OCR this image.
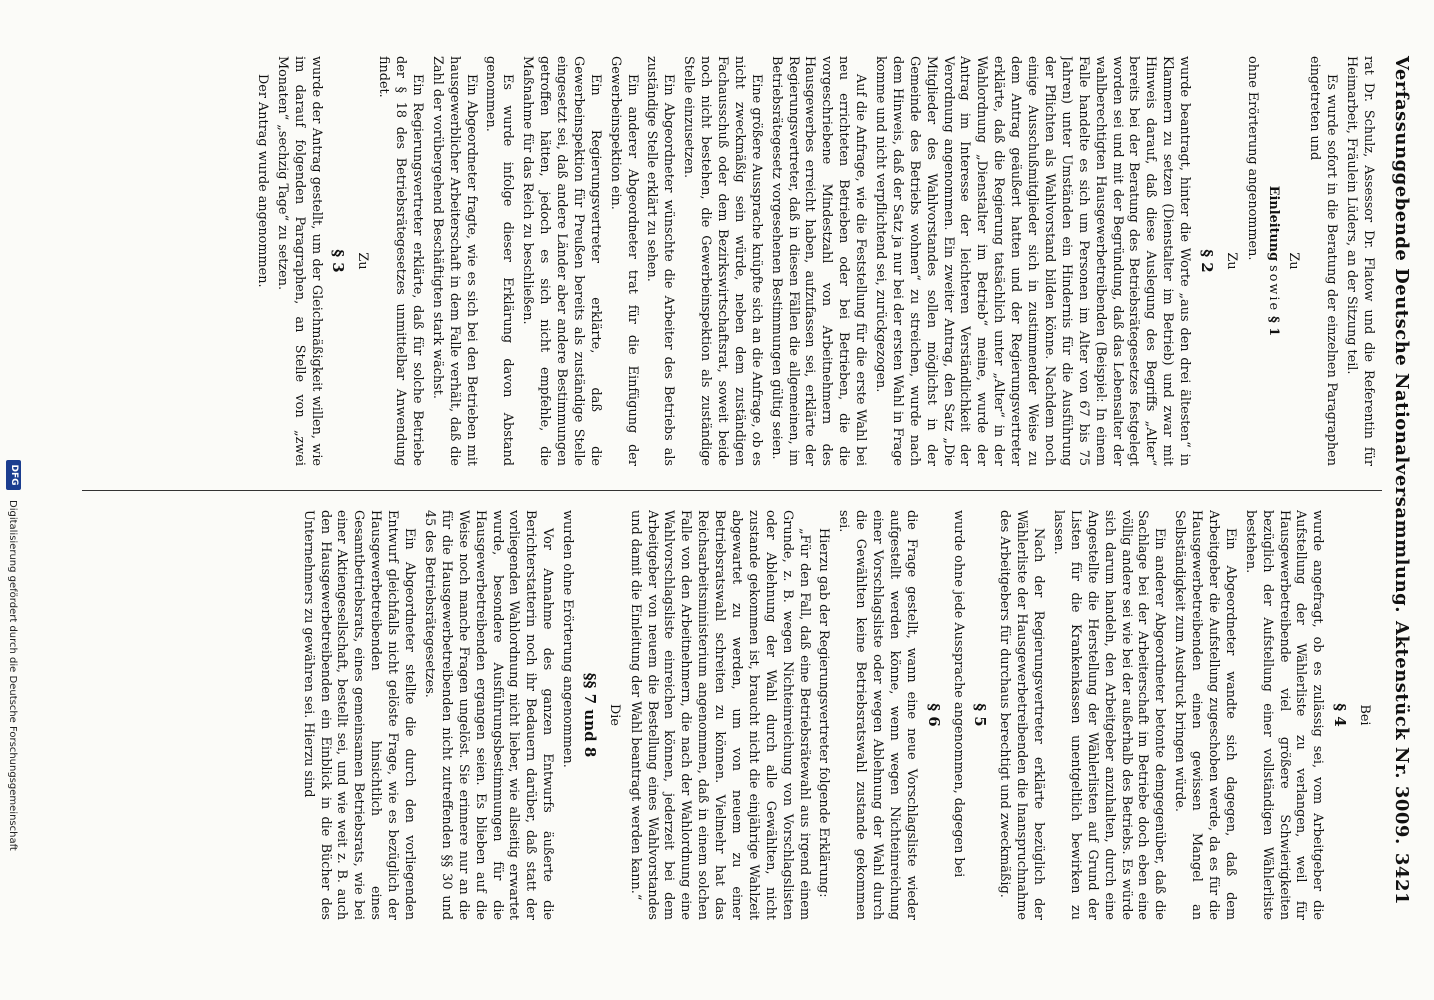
Verfassunggebende Deutsche Nationalversammlung.
Aktenstück Nr. 3009.
3421

rat Dr. Schulz, Assessor Dr. Flatow und die Referentin für Heimarbeit, Fräulein Lüders, an der Sitzung teil.

Es wurde sofort in die Beratung der einzelnen Paragraphen eingetreten und

Zu
Einleitung sowie § 1

ohne Erörterung angenommen.

Zu
§ 2

wurde beantragt, hinter die Worte „aus den drei ältesten“ in Klammern zu setzen (Dienstalter im Betrieb) und zwar mit Hinweis darauf, daß diese Auslegung des Begriffs „Alter“ bereits bei der Beratung des Betriebsrätegesetzes festgelegt worden sei und mit der Begründung, daß das Lebensalter der wahlberechtigten Hausgewerbetreibenden (Beispiel: In einem Falle handelte es sich um Personen im Alter von 67 bis 75 Jahren) unter Umständen ein Hindernis für die Ausführung der Pflichten als Wahlvorstand bilden könne. Nachdem noch einige Ausschußmitglieder sich in zustimmender Weise zu dem Antrag geäußert hatten und der Regierungsvertreter erklärte, daß die Regierung tatsächlich unter „Alter“ in der Wahlordnung „Dienstalter im Betrieb“ meine, wurde der Antrag im Interesse der leichteren Verständlichkeit der Verordnung angenommen. Ein zweiter Antrag, den Satz „Die Mitglieder des Wahlvorstandes sollen möglichst in der Gemeinde des Betriebs wohnen“ zu streichen, wurde nach dem Hinweis, daß der Satz ja nur bei der ersten Wahl in Frage komme und nicht verpflichtend sei, zurückgezogen.

Auf die Anfrage, wie die Feststellung für die erste Wahl bei neu errichteten Betrieben oder bei Betrieben, die die vorgeschriebene Mindestzahl von Arbeitnehmern des Hausgewerbes erreicht haben, aufzufassen sei, erklärte der Regierungsvertreter, daß in diesen Fällen die allgemeinen, im Betriebsrätegesetz vorgesehenen Bestimmungen gültig seien.

Eine größere Aussprache knüpfte sich an die Anfrage, ob es nicht zweckmäßig sein würde, neben dem zuständigen Fachausschuß oder dem Bezirkswirtschaftsrat, soweit beide noch nicht bestehen, die Gewerbeinspektion als zuständige Stelle einzusetzen.

Ein Abgeordneter wünschte die Arbeiter des Betriebs als zuständige Stelle erklärt zu sehen.

Ein anderer Abgeordneter trat für die Einfügung der Gewerbeinspektion ein.

Ein Regierungsvertreter erklärte, daß die Gewerbeinspektion für Preußen bereits als zuständige Stelle eingesetzt sei, daß andere Länder aber andere Bestimmungen getroffen hätten, jedoch es sich nicht empfehle, die Maßnahme für das Reich zu beschließen.

Es wurde infolge dieser Erklärung davon Abstand genommen.

Ein Abgeordneter fragte, wie es sich bei den Betrieben mit hausgewerblicher Arbeiterschaft in dem Falle verhält, daß die Zahl der vorübergehend Beschäftigten stark wächst.

Ein Regierungsvertreter erklärte, daß für solche Betriebe der § 18 des Betriebsrätegesetzes unmittelbar Anwendung findet.

Zu
§ 3

wurde der Antrag gestellt, um der Gleichmäßigkeit willen, wie im darauf folgenden Paragraphen, an Stelle von „zwei Monaten“ „sechzig Tage“ zu setzen.

Der Antrag wurde angenommen.

Bei
§ 4

wurde angefragt, ob es zulässig sei, vom Arbeitgeber die Aufstellung der Wählerliste zu verlangen, weil für Hausgewerbetreibende viel größere Schwierigkeiten bezüglich der Aufstellung einer vollständigen Wählerliste bestehen.

Ein Abgeordneter wandte sich dagegen, daß dem Arbeitgeber die Aufstellung zugeschoben werde, da es für die Hausgewerbetreibenden einen gewissen Mangel an Selbständigkeit zum Ausdruck bringen würde.

Ein anderer Abgeordneter betonte demgegenüber, daß die Sachlage bei der Arbeiterschaft im Betriebe doch eben eine völlig andere sei wie bei der außerhalb des Betriebs. Es würde sich darum handeln, den Arbeitgeber anzuhalten, durch eine Angestellte die Herstellung der Wählerlisten auf Grund der Listen für die Krankenkassen unentgeltlich bewirken zu lassen.

Nach der Regierungsvertreter erklärte bezüglich der Wählerliste der Hausgewerbetreibenden die Inanspruchnahme des Arbeitgebers für durchaus berechtigt und zweckmäßig.

§ 5

wurde ohne jede Aussprache angenommen, dagegen bei

§ 6

die Frage gestellt, wann eine neue Vorschlagsliste wieder aufgestellt werden könne, wenn wegen Nichteinreichung einer Vorschlagsliste oder wegen Ablehnung der Wahl durch die Gewählten keine Betriebsratswahl zustande gekommen sei.

Hierzu gab der Regierungsvertreter folgende Erklärung:

„Für den Fall, daß eine Betriebsrätewahl aus irgend einem Grunde, z. B. wegen Nichteinreichung von Vorschlagslisten oder Ablehnung der Wahl durch alle Gewählten, nicht zustande gekommen ist, braucht nicht die einjährige Wahlzeit abgewartet zu werden, um von neuem zu einer Betriebsratswahl schreiten zu können. Vielmehr hat das Reichsarbeitsministerium angenommen, daß in einem solchen Falle von den Arbeitnehmern, die nach der Wahlordnung eine Wahlvorschlagsliste einreichen können, jederzeit bei dem Arbeitgeber von neuem die Bestellung eines Wahlvorstandes und damit die Einleitung der Wahl beantragt werden kann.“

Die
§§ 7 und 8

wurden ohne Erörterung angenommen.

Vor Annahme des ganzen Entwurfs äußerte die Berichterstatterin noch ihr Bedauern darüber, daß statt der vorliegenden Wahlordnung nicht lieber, wie allseitig erwartet wurde, besondere Ausführungsbestimmungen für die Hausgewerbetreibenden ergangen seien. Es blieben auf die Weise noch manche Fragen ungelöst. Sie erinnere nur an die für die Hausgewerbetreibenden nicht zutreffenden §§ 30 und 45 des Betriebsrätegesetzes.

Ein Abgeordneter stellte die durch den vorliegenden Entwurf gleichfalls nicht gelöste Frage, wie es bezüglich der Hausgewerbetreibenden hinsichtlich eines Gesamtbetriebsrats, eines gemeinsamen Betriebsrats, wie bei einer Aktiengesellschaft, bestellt sei, und wie weit z. B. auch den Hausgewerbetreibenden ein Einblick in die Bücher des Unternehmers zu gewähren sei. Hierzu sind

DFG
Digitalisierung gefördert durch die Deutsche Forschungsgemeinschaft
